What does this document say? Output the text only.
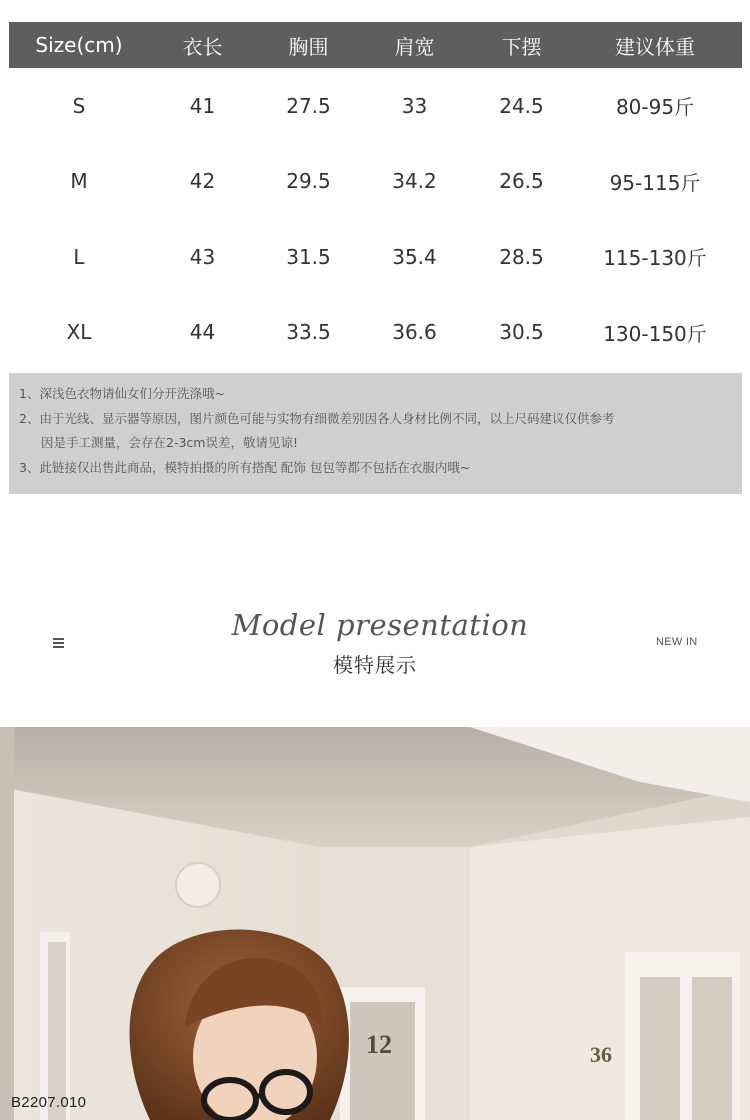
Size(cm)	衣长	胸围	肩宽	下摆	建议体重
S	41	27.5	33	24.5	80-95斤
M	42	29.5	34.2	26.5	95-115斤
L	43	31.5	35.4	28.5	115-130斤
XL	44	33.5	36.6	30.5	130-150斤
1、深浅色衣物请仙女们分开洗涤哦~
2、由于光线、显示器等原因，图片颜色可能与实物有细微差别因各人身材比例不同，以上尺码建议仅供参考
因是手工测量，会存在2-3cm误差，敬请见谅!
3、此链接仅出售此商品，模特拍摄的所有搭配 配饰 包包等都不包括在衣服内哦~
Model presentation
模特展示
NEW IN
12	36
B2207.010
